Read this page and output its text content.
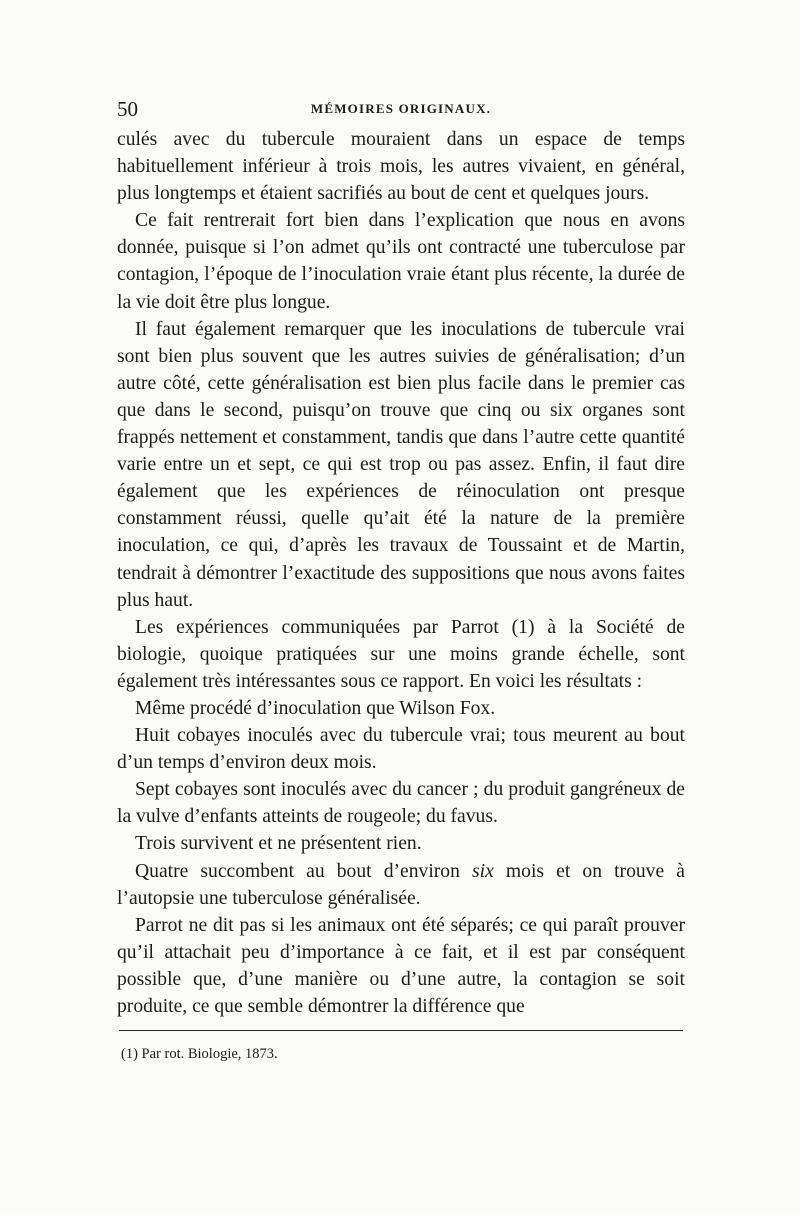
50	MÉMOIRES ORIGINAUX.

culés avec du tubercule mouraient dans un espace de temps habituellement inférieur à trois mois, les autres vivaient, en général, plus longtemps et étaient sacrifiés au bout de cent et quelques jours.

Ce fait rentrerait fort bien dans l’explication que nous en avons donnée, puisque si l’on admet qu’ils ont contracté une tuberculose par contagion, l’époque de l’inoculation vraie étant plus récente, la durée de la vie doit être plus longue.

Il faut également remarquer que les inoculations de tubercule vrai sont bien plus souvent que les autres suivies de généralisation; d’un autre côté, cette généralisation est bien plus facile dans le premier cas que dans le second, puisqu’on trouve que cinq ou six organes sont frappés nettement et constamment, tandis que dans l’autre cette quantité varie entre un et sept, ce qui est trop ou pas assez. Enfin, il faut dire également que les expériences de réinoculation ont presque constamment réussi, quelle qu’ait été la nature de la première inoculation, ce qui, d’après les travaux de Toussaint et de Martin, tendrait à démontrer l’exactitude des suppositions que nous avons faites plus haut.

Les expériences communiquées par Parrot (1) à la Société de biologie, quoique pratiquées sur une moins grande échelle, sont également très intéressantes sous ce rapport. En voici les résultats :

Même procédé d’inoculation que Wilson Fox.

Huit cobayes inoculés avec du tubercule vrai; tous meurent au bout d’un temps d’environ deux mois.

Sept cobayes sont inoculés avec du cancer ; du produit gangréneux de la vulve d’enfants atteints de rougeole; du favus.

Trois survivent et ne présentent rien.

Quatre succombent au bout d’environ six mois et on trouve à l’autopsie une tuberculose généralisée.

Parrot ne dit pas si les animaux ont été séparés; ce qui paraît prouver qu’il attachait peu d’importance à ce fait, et il est par conséquent possible que, d’une manière ou d’une autre, la contagion se soit produite, ce que semble démontrer la différence que

(1) Par rot. Biologie, 1873.
